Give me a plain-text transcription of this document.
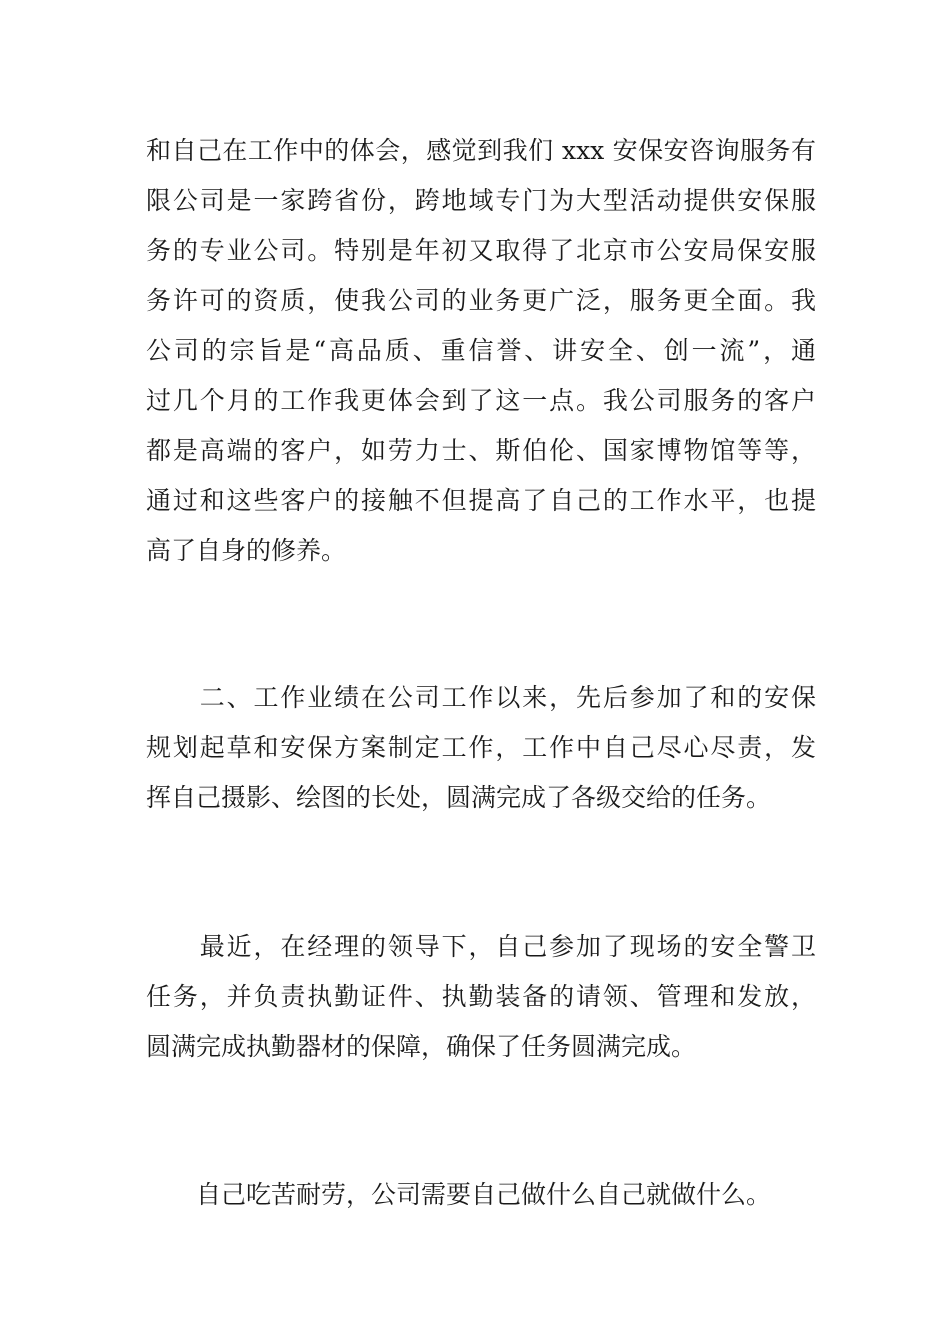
和自己在工作中的体会，感觉到我们 xxx 安保安咨询服务有
限公司是一家跨省份，跨地域专门为大型活动提供安保服
务的专业公司。特别是年初又取得了北京市公安局保安服
务许可的资质，使我公司的业务更广泛，服务更全面。我
公司的宗旨是“高品质、重信誉、讲安全、创一流”，通
过几个月的工作我更体会到了这一点。我公司服务的客户
都是高端的客户，如劳力士、斯伯伦、国家博物馆等等，
通过和这些客户的接触不但提高了自己的工作水平，也提
高了自身的修养。
　　二、工作业绩在公司工作以来，先后参加了和的安保
规划起草和安保方案制定工作，工作中自己尽心尽责，发
挥自己摄影、绘图的长处，圆满完成了各级交给的任务。
　　最近，在经理的领导下，自己参加了现场的安全警卫
任务，并负责执勤证件、执勤装备的请领、管理和发放，
圆满完成执勤器材的保障，确保了任务圆满完成。
　　自己吃苦耐劳，公司需要自己做什么自己就做什么。
